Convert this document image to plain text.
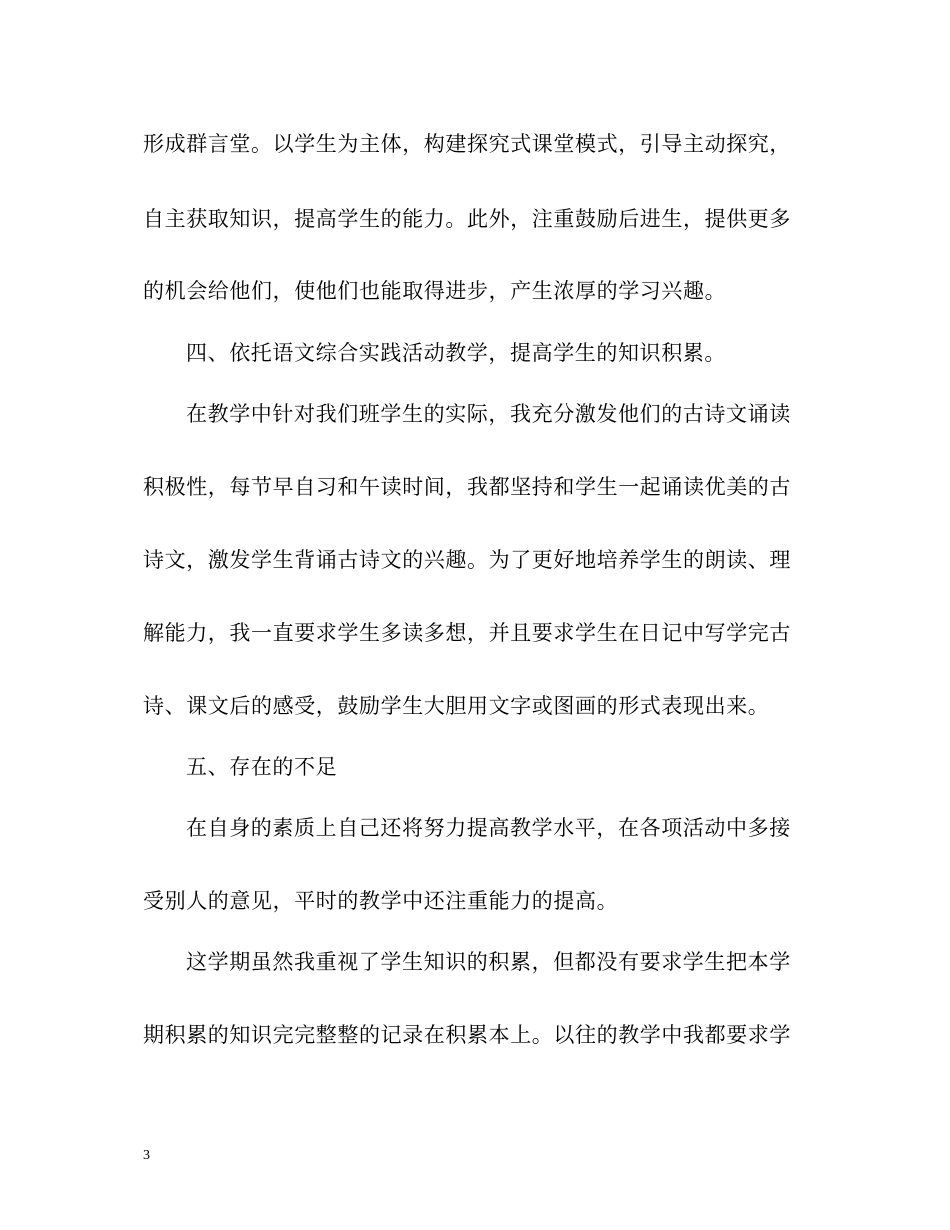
形成群言堂。以学生为主体，构建探究式课堂模式，引导主动探究，
自主获取知识，提高学生的能力。此外，注重鼓励后进生，提供更多
的机会给他们，使他们也能取得进步，产生浓厚的学习兴趣。
四、依托语文综合实践活动教学，提高学生的知识积累。
在教学中针对我们班学生的实际，我充分激发他们的古诗文诵读
积极性，每节早自习和午读时间，我都坚持和学生一起诵读优美的古
诗文，激发学生背诵古诗文的兴趣。为了更好地培养学生的朗读、理
解能力，我一直要求学生多读多想，并且要求学生在日记中写学完古
诗、课文后的感受，鼓励学生大胆用文字或图画的形式表现出来。
五、存在的不足
在自身的素质上自己还将努力提高教学水平，在各项活动中多接
受别人的意见，平时的教学中还注重能力的提高。
这学期虽然我重视了学生知识的积累，但都没有要求学生把本学
期积累的知识完完整整的记录在积累本上。以往的教学中我都要求学
3
